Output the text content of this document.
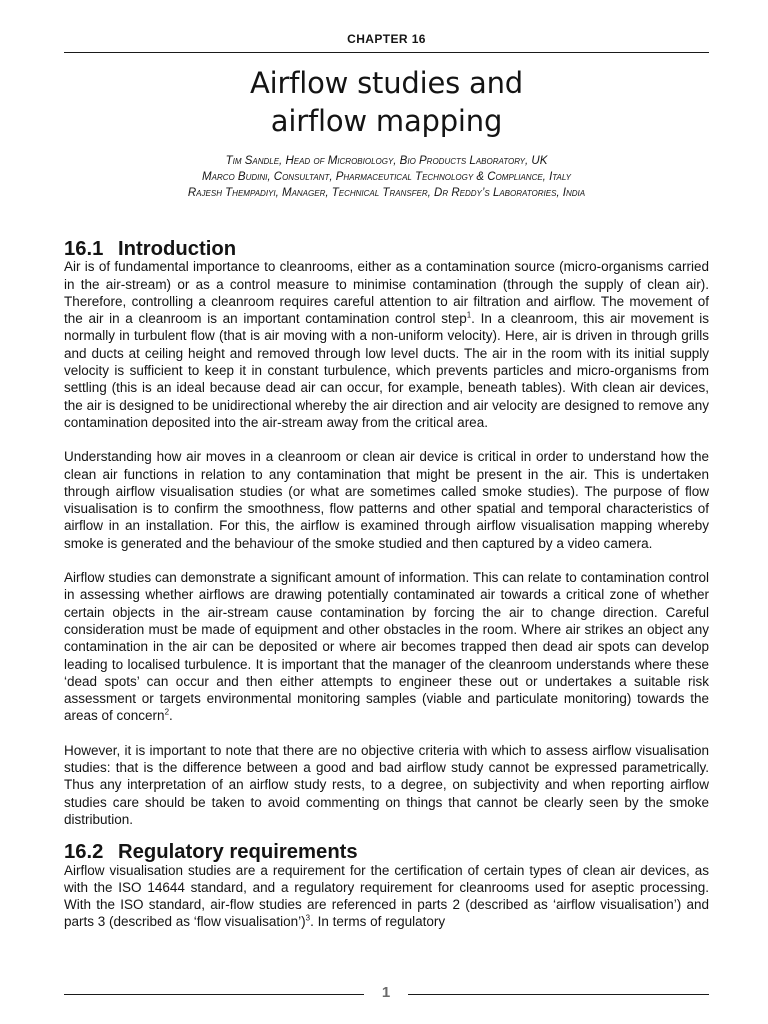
CHAPTER 16
Airflow studies and
airflow mapping
Tim Sandle, Head of Microbiology, Bio Products Laboratory, UK
Marco Budini, Consultant, Pharmaceutical Technology & Compliance, Italy
Rajesh Thempadiyi, Manager, Technical Transfer, Dr Reddy’s Laboratories, India
16.1 Introduction

Air is of fundamental importance to cleanrooms, either as a contamination source (micro-organisms carried in the air-stream) or as a control measure to minimise contamination (through the supply of clean air). Therefore, controlling a cleanroom requires careful attention to air filtration and airflow. The movement of the air in a cleanroom is an important contamination control step$^1$. In a cleanroom, this air movement is normally in turbulent flow (that is air moving with a non-uniform velocity). Here, air is driven in through grills and ducts at ceiling height and removed through low level ducts. The air in the room with its initial supply velocity is sufficient to keep it in constant turbulence, which prevents particles and micro-organisms from settling (this is an ideal because dead air can occur, for example, beneath tables). With clean air devices, the air is designed to be unidirectional whereby the air direction and air velocity are designed to remove any contamination deposited into the air-stream away from the critical area.

Understanding how air moves in a cleanroom or clean air device is critical in order to understand how the clean air functions in relation to any contamination that might be present in the air. This is undertaken through airflow visualisation studies (or what are sometimes called smoke studies). The purpose of flow visualisation is to confirm the smoothness, flow patterns and other spatial and temporal characteristics of airflow in an installation. For this, the airflow is examined through airflow visualisation mapping whereby smoke is generated and the behaviour of the smoke studied and then captured by a video camera.

Airflow studies can demonstrate a significant amount of information. This can relate to contamination control in assessing whether airflows are drawing potentially contaminated air towards a critical zone of whether certain objects in the air-stream cause contamination by forcing the air to change direction. Careful consideration must be made of equipment and other obstacles in the room. Where air strikes an object any contamination in the air can be deposited or where air becomes trapped then dead air spots can develop leading to localised turbulence. It is important that the manager of the cleanroom understands where these ‘dead spots’ can occur and then either attempts to engineer these out or undertakes a suitable risk assessment or targets environmental monitoring samples (viable and particulate monitoring) towards the areas of concern$^2$.

However, it is important to note that there are no objective criteria with which to assess airflow visualisation studies: that is the difference between a good and bad airflow study cannot be expressed parametrically. Thus any interpretation of an airflow study rests, to a degree, on subjectivity and when reporting airflow studies care should be taken to avoid commenting on things that cannot be clearly seen by the smoke distribution.

16.2 Regulatory requirements

Airflow visualisation studies are a requirement for the certification of certain types of clean air devices, as with the ISO 14644 standard, and a regulatory requirement for cleanrooms used for aseptic processing. With the ISO standard, air-flow studies are referenced in parts 2 (described as ‘airflow visualisation’) and parts 3 (described as ‘flow visualisation’)$^3$. In terms of regulatory

1
